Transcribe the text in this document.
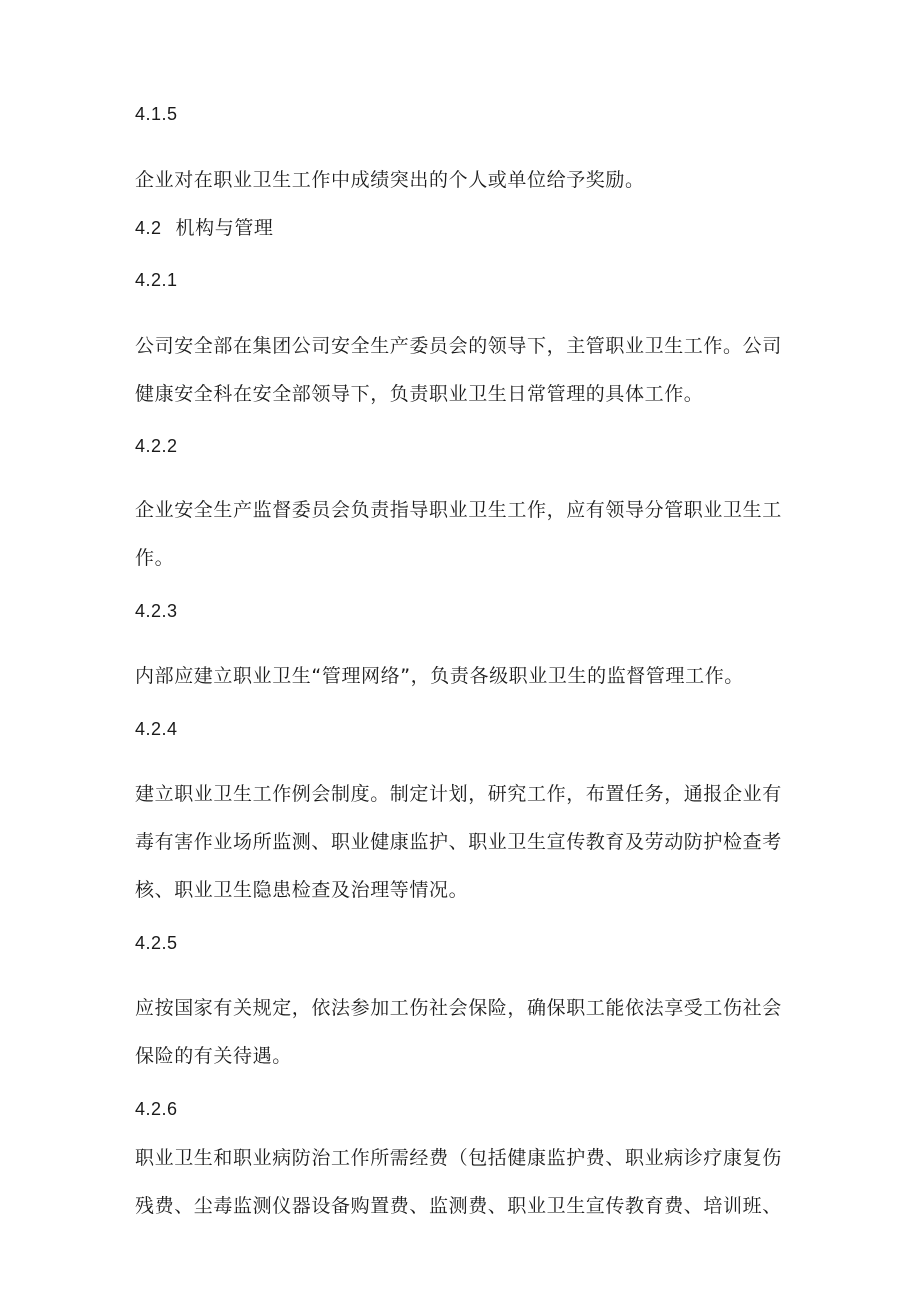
4.1.5
企业对在职业卫生工作中成绩突出的个人或单位给予奖励。
4.2 机构与管理
4.2.1
公司安全部在集团公司安全生产委员会的领导下，主管职业卫生工作。公司
健康安全科在安全部领导下，负责职业卫生日常管理的具体工作。
4.2.2
企业安全生产监督委员会负责指导职业卫生工作，应有领导分管职业卫生工
作。
4.2.3
内部应建立职业卫生“管理网络”，负责各级职业卫生的监督管理工作。
4.2.4
建立职业卫生工作例会制度。制定计划，研究工作，布置任务，通报企业有
毒有害作业场所监测、职业健康监护、职业卫生宣传教育及劳动防护检查考
核、职业卫生隐患检查及治理等情况。
4.2.5
应按国家有关规定，依法参加工伤社会保险，确保职工能依法享受工伤社会
保险的有关待遇。
4.2.6
职业卫生和职业病防治工作所需经费（包括健康监护费、职业病诊疗康复伤
残费、尘毒监测仪器设备购置费、监测费、职业卫生宣传教育费、培训班、
